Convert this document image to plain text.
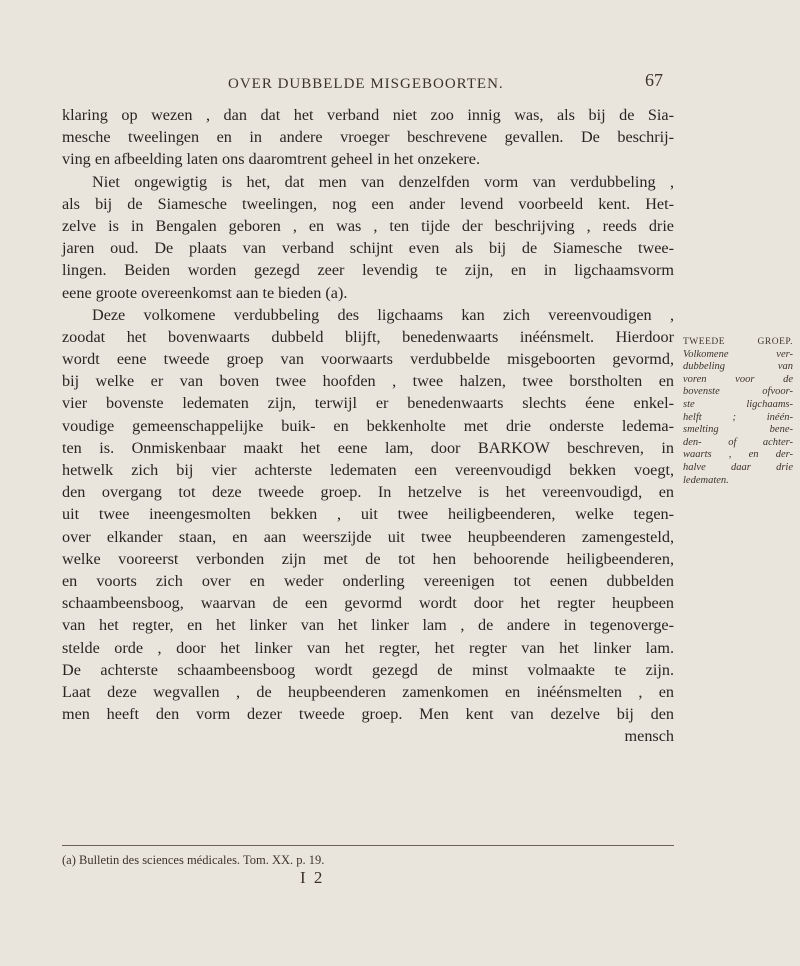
OVER DUBBELDE MISGEBOORTEN.	67
klaring op wezen , dan dat het verband niet zoo innig was, als bij de Sia-
mesche tweelingen en in andere vroeger beschrevene gevallen. De beschrij-
ving en afbeelding laten ons daaromtrent geheel in het onzekere.
Niet ongewigtig is het, dat men van denzelfden vorm van verdubbeling ,
als bij de Siamesche tweelingen, nog een ander levend voorbeeld kent. Het-
zelve is in Bengalen geboren , en was , ten tijde der beschrijving , reeds drie
jaren oud. De plaats van verband schijnt even als bij de Siamesche twee-
lingen. Beiden worden gezegd zeer levendig te zijn, en in ligchaamsvorm
eene groote overeenkomst aan te bieden (a).
Deze volkomene verdubbeling des ligchaams kan zich vereenvoudigen ,
zoodat het bovenwaarts dubbeld blijft, benedenwaarts inéénsmelt. Hierdoor
wordt eene tweede groep van voorwaarts verdubbelde misgeboorten gevormd,
bij welke er van boven twee hoofden , twee halzen, twee borstholten en
vier bovenste ledematen zijn, terwijl er benedenwaarts slechts éene enkel-
voudige gemeenschappelijke buik- en bekkenholte met drie onderste ledema-
ten is. Onmiskenbaar maakt het eene lam, door BARKOW beschreven, in
hetwelk zich bij vier achterste ledematen een vereenvoudigd bekken voegt,
den overgang tot deze tweede groep. In hetzelve is het vereenvoudigd, en
uit twee ineengesmolten bekken , uit twee heiligbeenderen, welke tegen-
over elkander staan, en aan weerszijde uit twee heupbeenderen zamengesteld,
welke vooreerst verbonden zijn met de tot hen behoorende heiligbeenderen,
en voorts zich over en weder onderling vereenigen tot eenen dubbelden
schaambeensboog, waarvan de een gevormd wordt door het regter heupbeen
van het regter, en het linker van het linker lam , de andere in tegenoverge-
stelde orde , door het linker van het regter, het regter van het linker lam.
De achterste schaambeensboog wordt gezegd de minst volmaakte te zijn.
Laat deze wegvallen , de heupbeenderen zamenkomen en inéénsmelten , en
men heeft den vorm dezer tweede groep. Men kent van dezelve bij den
mensch
TWEEDE GROEP.
Volkomene ver-
dubbeling van
voren voor de
bovenste ofvoor-
ste ligchaams-
helft ; inéén-
smelting bene-
den- of achter-
waarts , en der-
halve daar drie
ledematen.
(a) Bulletin des sciences médicales. Tom. XX. p. 19.
I 2
